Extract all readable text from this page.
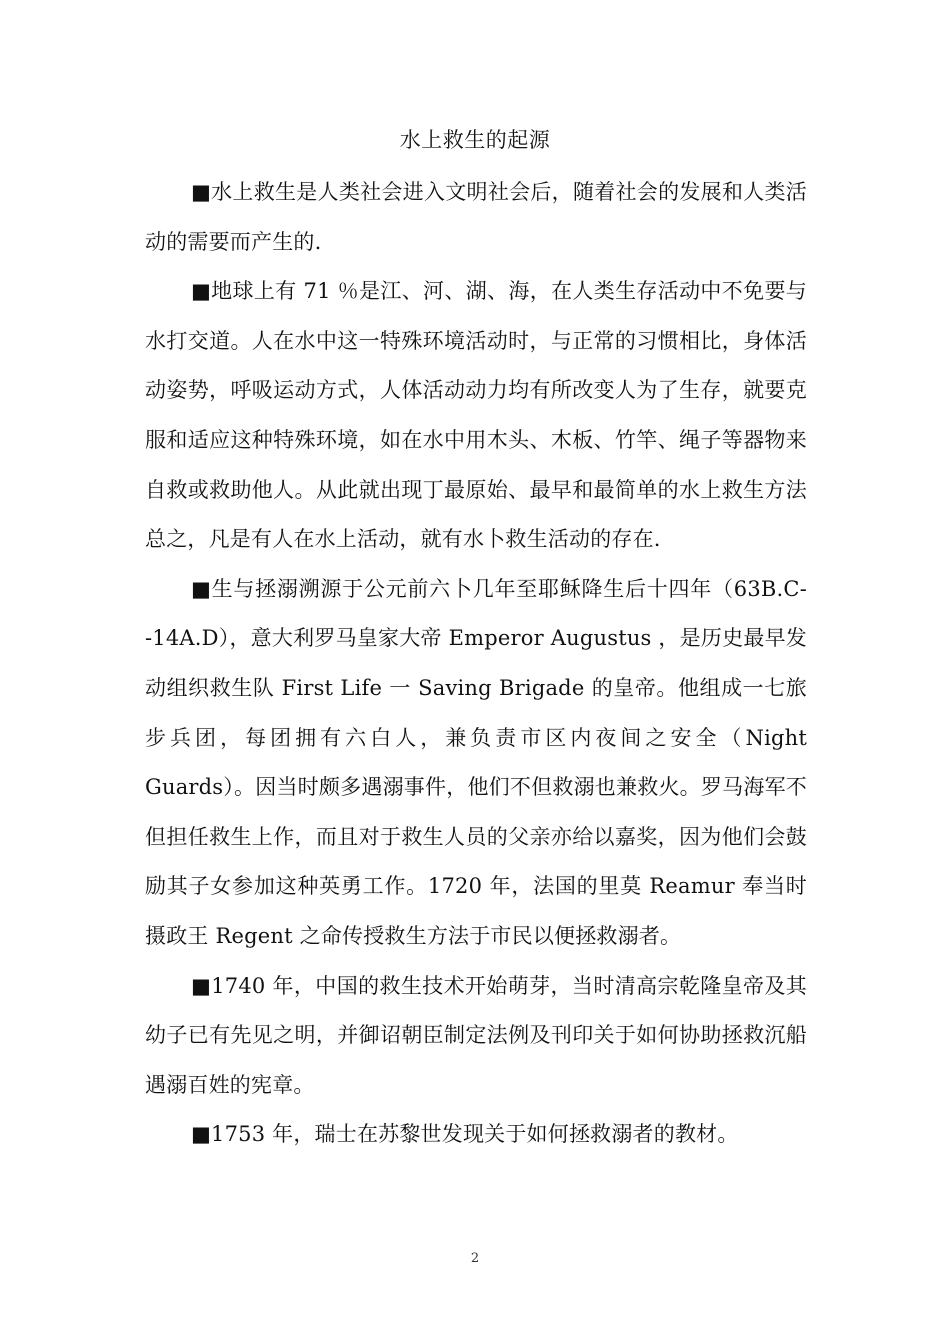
水上救生的起源

■水上救生是人类社会进入文明社会后，随着社会的发展和人类活动的需要而产生的.

■地球上有 71 ％是江、河、湖、海，在人类生存活动中不免要与水打交道。人在水中这一特殊环境活动时，与正常的习惯相比，身体活动姿势，呼吸运动方式，人体活动动力均有所改变人为了生存，就要克服和适应这种特殊环境，如在水中用木头、木板、竹竿、绳子等器物来自救或救助他人。从此就出现丁最原始、最早和最简单的水上救生方法总之，凡是有人在水上活动，就有水卜救生活动的存在.

■生与拯溺溯源于公元前六卜几年至耶稣降生后十四年（63B.C--14A.D），意大利罗马皇家大帝 Emperor Augustus ，是历史最早发动组织救生队 First Life 一 Saving Brigade 的皇帝。他组成一七旅步兵团，每团拥有六白人，兼负责市区内夜间之安全（Night Guards）。因当时颇多遇溺事件，他们不但救溺也兼救火。罗马海军不但担任救生上作，而且对于救生人员的父亲亦给以嘉奖，因为他们会鼓励其子女参加这种英勇工作。1720 年，法国的里莫 Reamur 奉当时摄政王 Regent 之命传授救生方法于市民以便拯救溺者。

■1740 年，中国的救生技术开始萌芽，当时清高宗乾隆皇帝及其幼子已有先见之明，并御诏朝臣制定法例及刊印关于如何协助拯救沉船遇溺百姓的宪章。

■1753 年，瑞士在苏黎世发现关于如何拯救溺者的教材。

2
